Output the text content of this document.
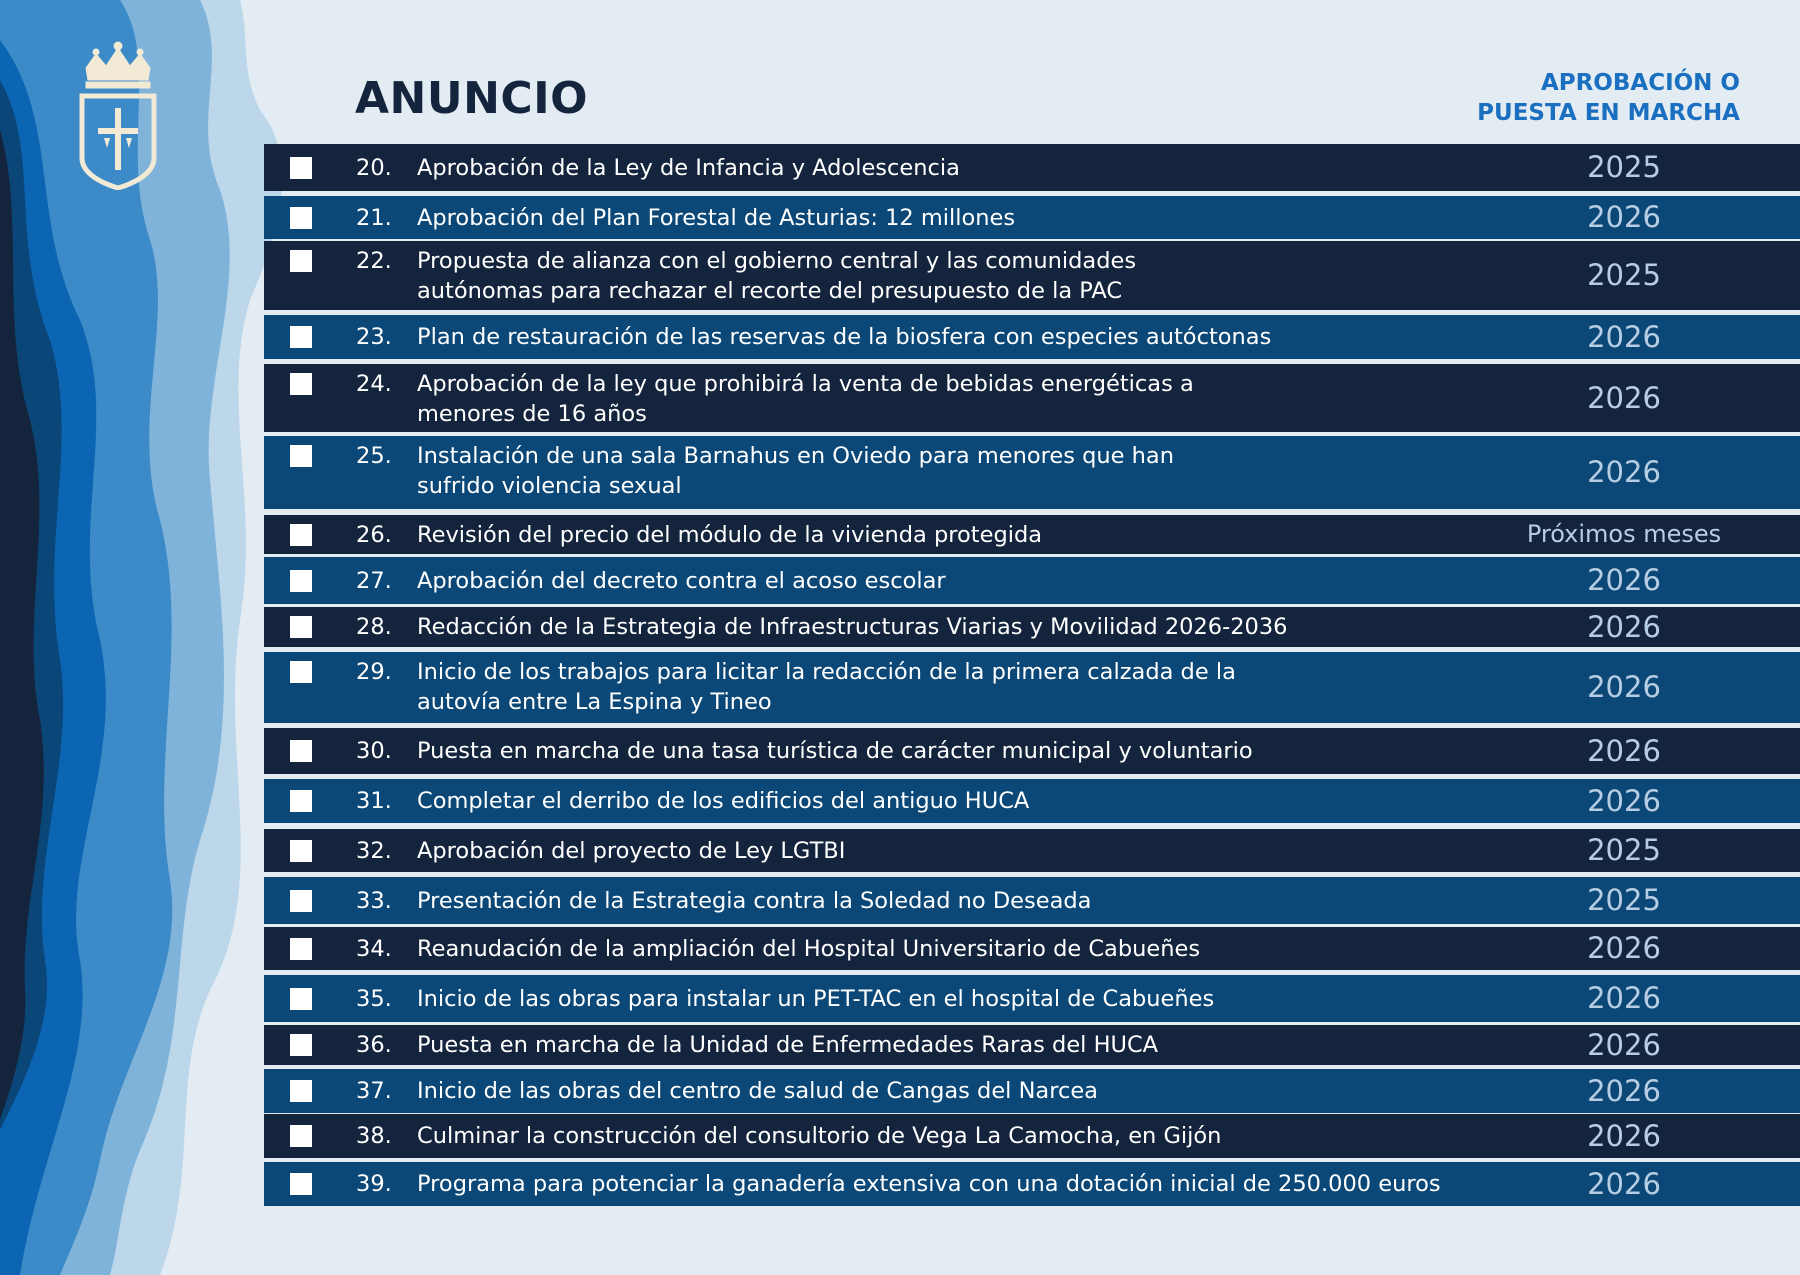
ANUNCIO	APROBACIÓN O
PUESTA EN MARCHA
20.	Aprobación de la Ley de Infancia y Adolescencia	2025
21.	Aprobación del Plan Forestal de Asturias: 12 millones	2026
22.	Propuesta de alianza con el gobierno central y las comunidades
autónomas para rechazar el recorte del presupuesto de la PAC	2025
23.	Plan de restauración de las reservas de la biosfera con especies autóctonas	2026
24.	Aprobación de la ley que prohibirá la venta de bebidas energéticas a
menores de 16 años	2026
25.	Instalación de una sala Barnahus en Oviedo para menores que han
sufrido violencia sexual	2026
26.	Revisión del precio del módulo de la vivienda protegida	Próximos meses
27.	Aprobación del decreto contra el acoso escolar	2026
28.	Redacción de la Estrategia de Infraestructuras Viarias y Movilidad 2026-2036	2026
29.	Inicio de los trabajos para licitar la redacción de la primera calzada de la
autovía entre La Espina y Tineo	2026
30.	Puesta en marcha de una tasa turística de carácter municipal y voluntario	2026
31.	Completar el derribo de los edificios del antiguo HUCA	2026
32.	Aprobación del proyecto de Ley LGTBI	2025
33.	Presentación de la Estrategia contra la Soledad no Deseada	2025
34.	Reanudación de la ampliación del Hospital Universitario de Cabueñes	2026
35.	Inicio de las obras para instalar un PET-TAC en el hospital de Cabueñes	2026
36.	Puesta en marcha de la Unidad de Enfermedades Raras del HUCA	2026
37.	Inicio de las obras del centro de salud de Cangas del Narcea	2026
38.	Culminar la construcción del consultorio de Vega La Camocha, en Gijón	2026
39.	Programa para potenciar la ganadería extensiva con una dotación inicial de 250.000 euros	2026
